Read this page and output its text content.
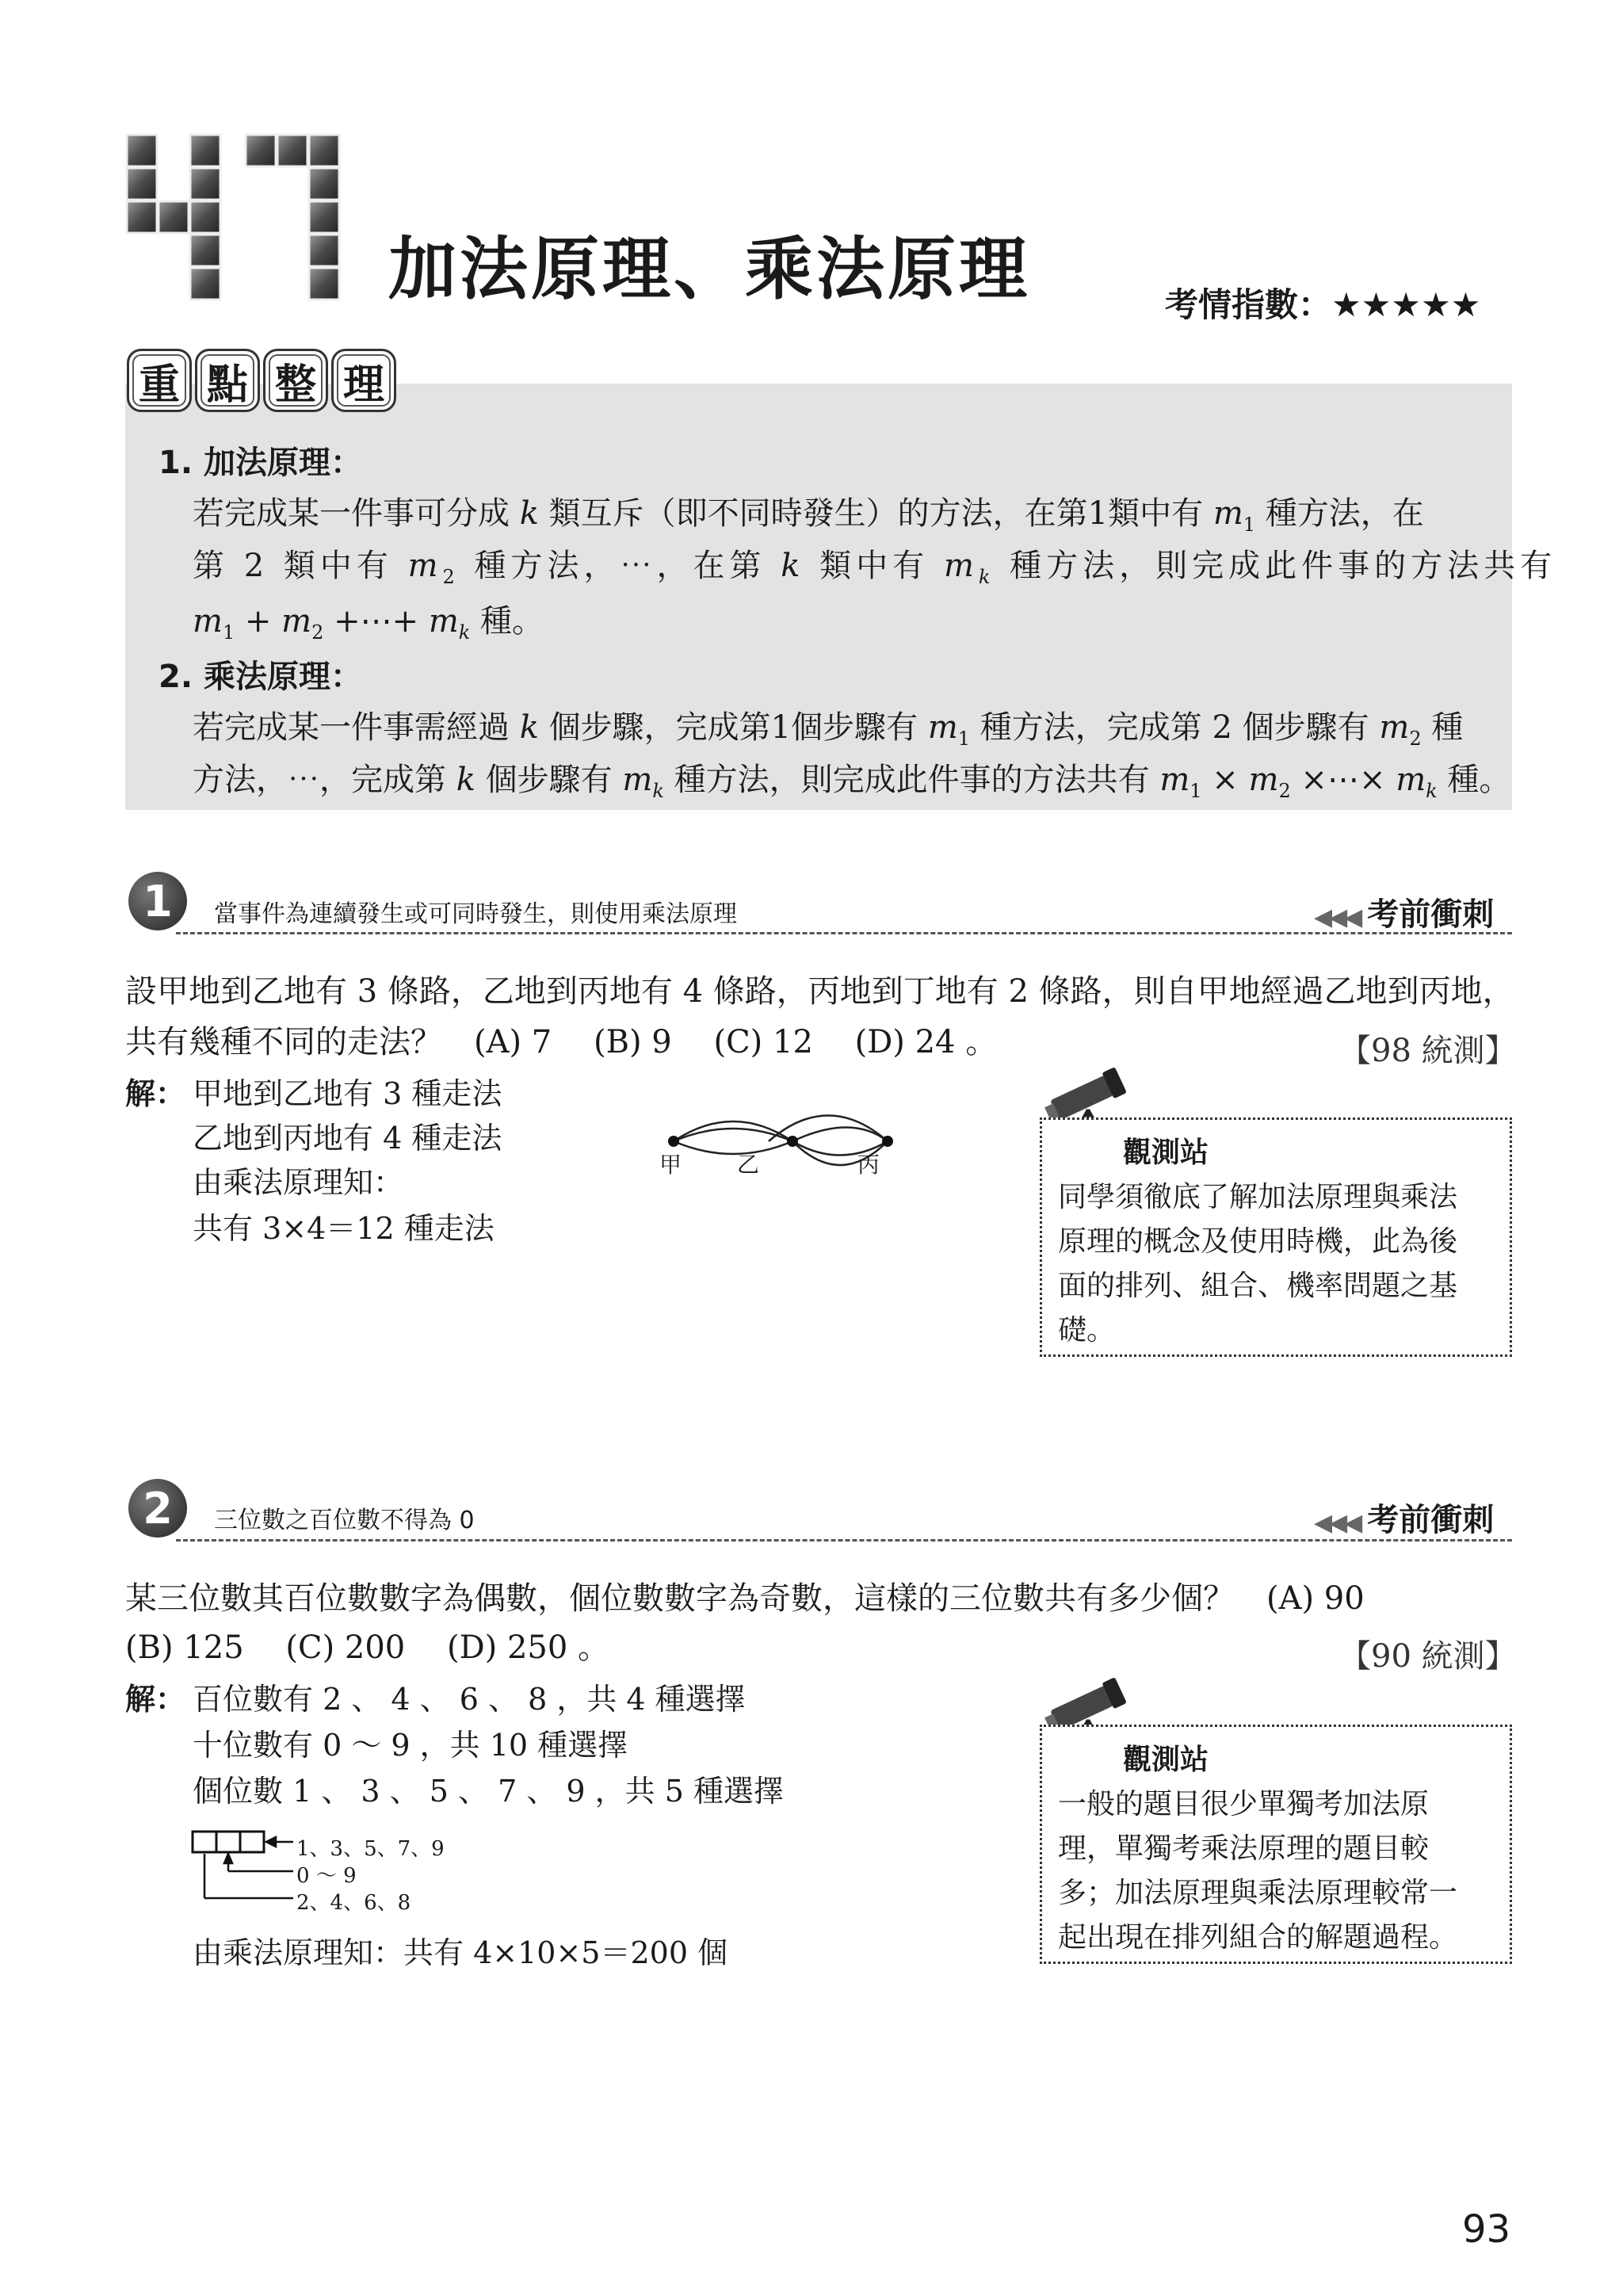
47
加法原理、乘法原理	考情指數：★★★★★
重 點 整 理
1. 加法原理：
若完成某一件事可分成 k 類互斥（即不同時發生）的方法，在第1類中有 $m_1$ 種方法，在
第 2 類中有 $m_2$ 種方法，⋯，在第 k 類中有 $m_k$ 種方法，則完成此件事的方法共有
$m_1 + m_2$ +⋯+ $m_k$ 種。
2. 乘法原理：
若完成某一件事需經過 k 個步驟，完成第1個步驟有 $m_1$ 種方法，完成第 2 個步驟有 $m_2$ 種
方法，⋯，完成第 k 個步驟有 $m_k$ 種方法，則完成此件事的方法共有 $m_1 \times m_2$ ×⋯× $m_k$ 種。
1	當事件為連續發生或可同時發生，則使用乘法原理	◀◀◀ 考前衝刺
設甲地到乙地有 3 條路，乙地到丙地有 4 條路，丙地到丁地有 2 條路，則自甲地經過乙地到丙地，
共有幾種不同的走法？　(A) 7　 (B) 9　 (C) 12　 (D) 24 。	【98 統測】
解： 甲地到乙地有 3 種走法
乙地到丙地有 4 種走法
由乘法原理知：
共有 3×4＝12 種走法
甲 乙	丙	觀測站
同學須徹底了解加法原理與乘法
原理的概念及使用時機，此為後
面的排列、組合、機率問題之基
礎。
2	三位數之百位數不得為 0	◀◀◀ 考前衝刺
某三位數其百位數數字為偶數，個位數數字為奇數，這樣的三位數共有多少個？　(A) 90
(B) 125　 (C) 200　 (D) 250 。	【90 統測】
解： 百位數有 2 、 4 、 6 、 8 ，共 4 種選擇
十位數有 0 ～ 9 ，共 10 種選擇
個位數 1 、 3 、 5 、 7 、 9 ，共 5 種選擇
1、3、5、7、9
0 ～ 9
2、4、6、8
由乘法原理知：共有 4×10×5＝200 個
觀測站
一般的題目很少單獨考加法原
理，單獨考乘法原理的題目較
多；加法原理與乘法原理較常一
起出現在排列組合的解題過程。
93
